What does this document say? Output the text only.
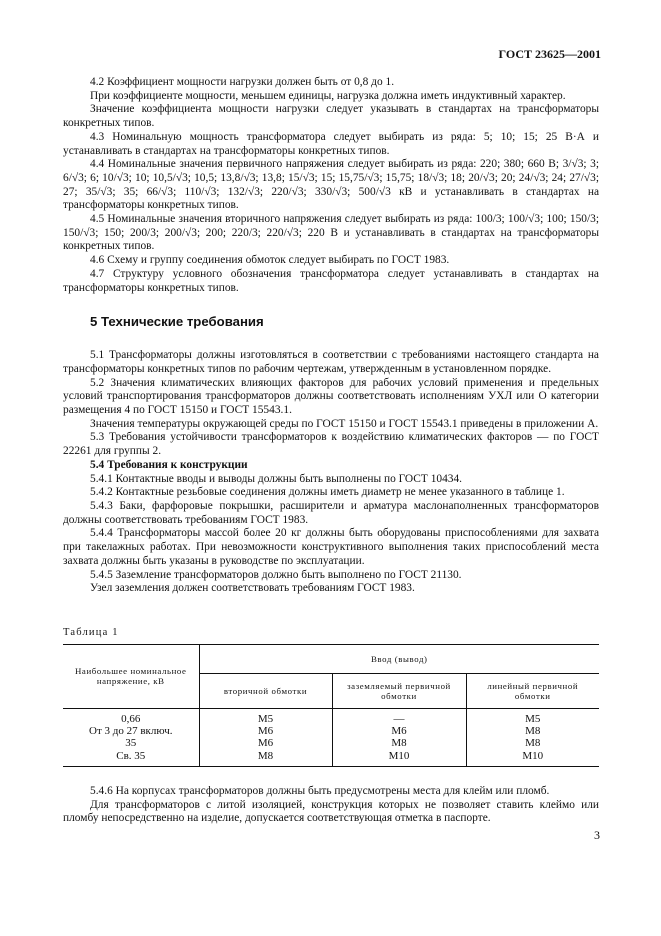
ГОСТ 23625—2001

4.2 Коэффициент мощности нагрузки должен быть от 0,8 до 1.

При коэффициенте мощности, меньшем единицы, нагрузка должна иметь индуктивный характер.

Значение коэффициента мощности нагрузки следует указывать в стандартах на трансформаторы конкретных типов.

4.3 Номинальную мощность трансформатора следует выбирать из ряда: 5; 10; 15; 25 В·А и устанавливать в стандартах на трансформаторы конкретных типов.

4.4 Номинальные значения первичного напряжения следует выбирать из ряда: 220; 380; 660 В; 3/√3; 3; 6/√3; 6; 10/√3; 10; 10,5/√3; 10,5; 13,8/√3; 13,8; 15/√3; 15; 15,75/√3; 15,75; 18/√3; 18; 20/√3; 20; 24/√3; 24; 27/√3; 27; 35/√3; 35; 66/√3; 110/√3; 132/√3; 220/√3; 330/√3; 500/√3 кВ и устанавливать в стандартах на трансформаторы конкретных типов.

4.5 Номинальные значения вторичного напряжения следует выбирать из ряда: 100/3; 100/√3; 100; 150/3; 150/√3; 150; 200/3; 200/√3; 200; 220/3; 220/√3; 220 В и устанавливать в стандартах на трансформаторы конкретных типов.

4.6 Схему и группу соединения обмоток следует выбирать по ГОСТ 1983.

4.7 Структуру условного обозначения трансформатора следует устанавливать в стандартах на трансформаторы конкретных типов.

5 Технические требования

5.1 Трансформаторы должны изготовляться в соответствии с требованиями настоящего стандарта на трансформаторы конкретных типов по рабочим чертежам, утвержденным в установленном порядке.

5.2 Значения климатических влияющих факторов для рабочих условий применения и предельных условий транспортирования трансформаторов должны соответствовать исполнениям УХЛ или О категории размещения 4 по ГОСТ 15150 и ГОСТ 15543.1.

Значения температуры окружающей среды по ГОСТ 15150 и ГОСТ 15543.1 приведены в приложении А.

5.3 Требования устойчивости трансформаторов к воздействию климатических факторов — по ГОСТ 22261 для группы 2.

5.4 Требования к конструкции

5.4.1 Контактные вводы и выводы должны быть выполнены по ГОСТ 10434.

5.4.2 Контактные резьбовые соединения должны иметь диаметр не менее указанного в таблице 1.

5.4.3 Баки, фарфоровые покрышки, расширители и арматура маслонаполненных трансформаторов должны соответствовать требованиям ГОСТ 1983.

5.4.4 Трансформаторы массой более 20 кг должны быть оборудованы приспособлениями для захвата при такелажных работах. При невозможности конструктивного выполнения таких приспособлений места захвата должны быть указаны в руководстве по эксплуатации.

5.4.5 Заземление трансформаторов должно быть выполнено по ГОСТ 21130.

Узел заземления должен соответствовать требованиям ГОСТ 1983.

Таблица 1

Наибольшее номинальное напряжение, кВ	Ввод (вывод)		
	вторичной обмотки	заземляемый первичной обмотки	линейный первичной обмотки
0,66	М5	—	М5
От 3 до 27 включ.	М6	М6	М8
35	М6	М8	М8
Св. 35	М8	М10	М10

5.4.6 На корпусах трансформаторов должны быть предусмотрены места для клейм или пломб.

Для трансформаторов с литой изоляцией, конструкция которых не позволяет ставить клеймо или пломбу непосредственно на изделие, допускается соответствующая отметка в паспорте.

3
